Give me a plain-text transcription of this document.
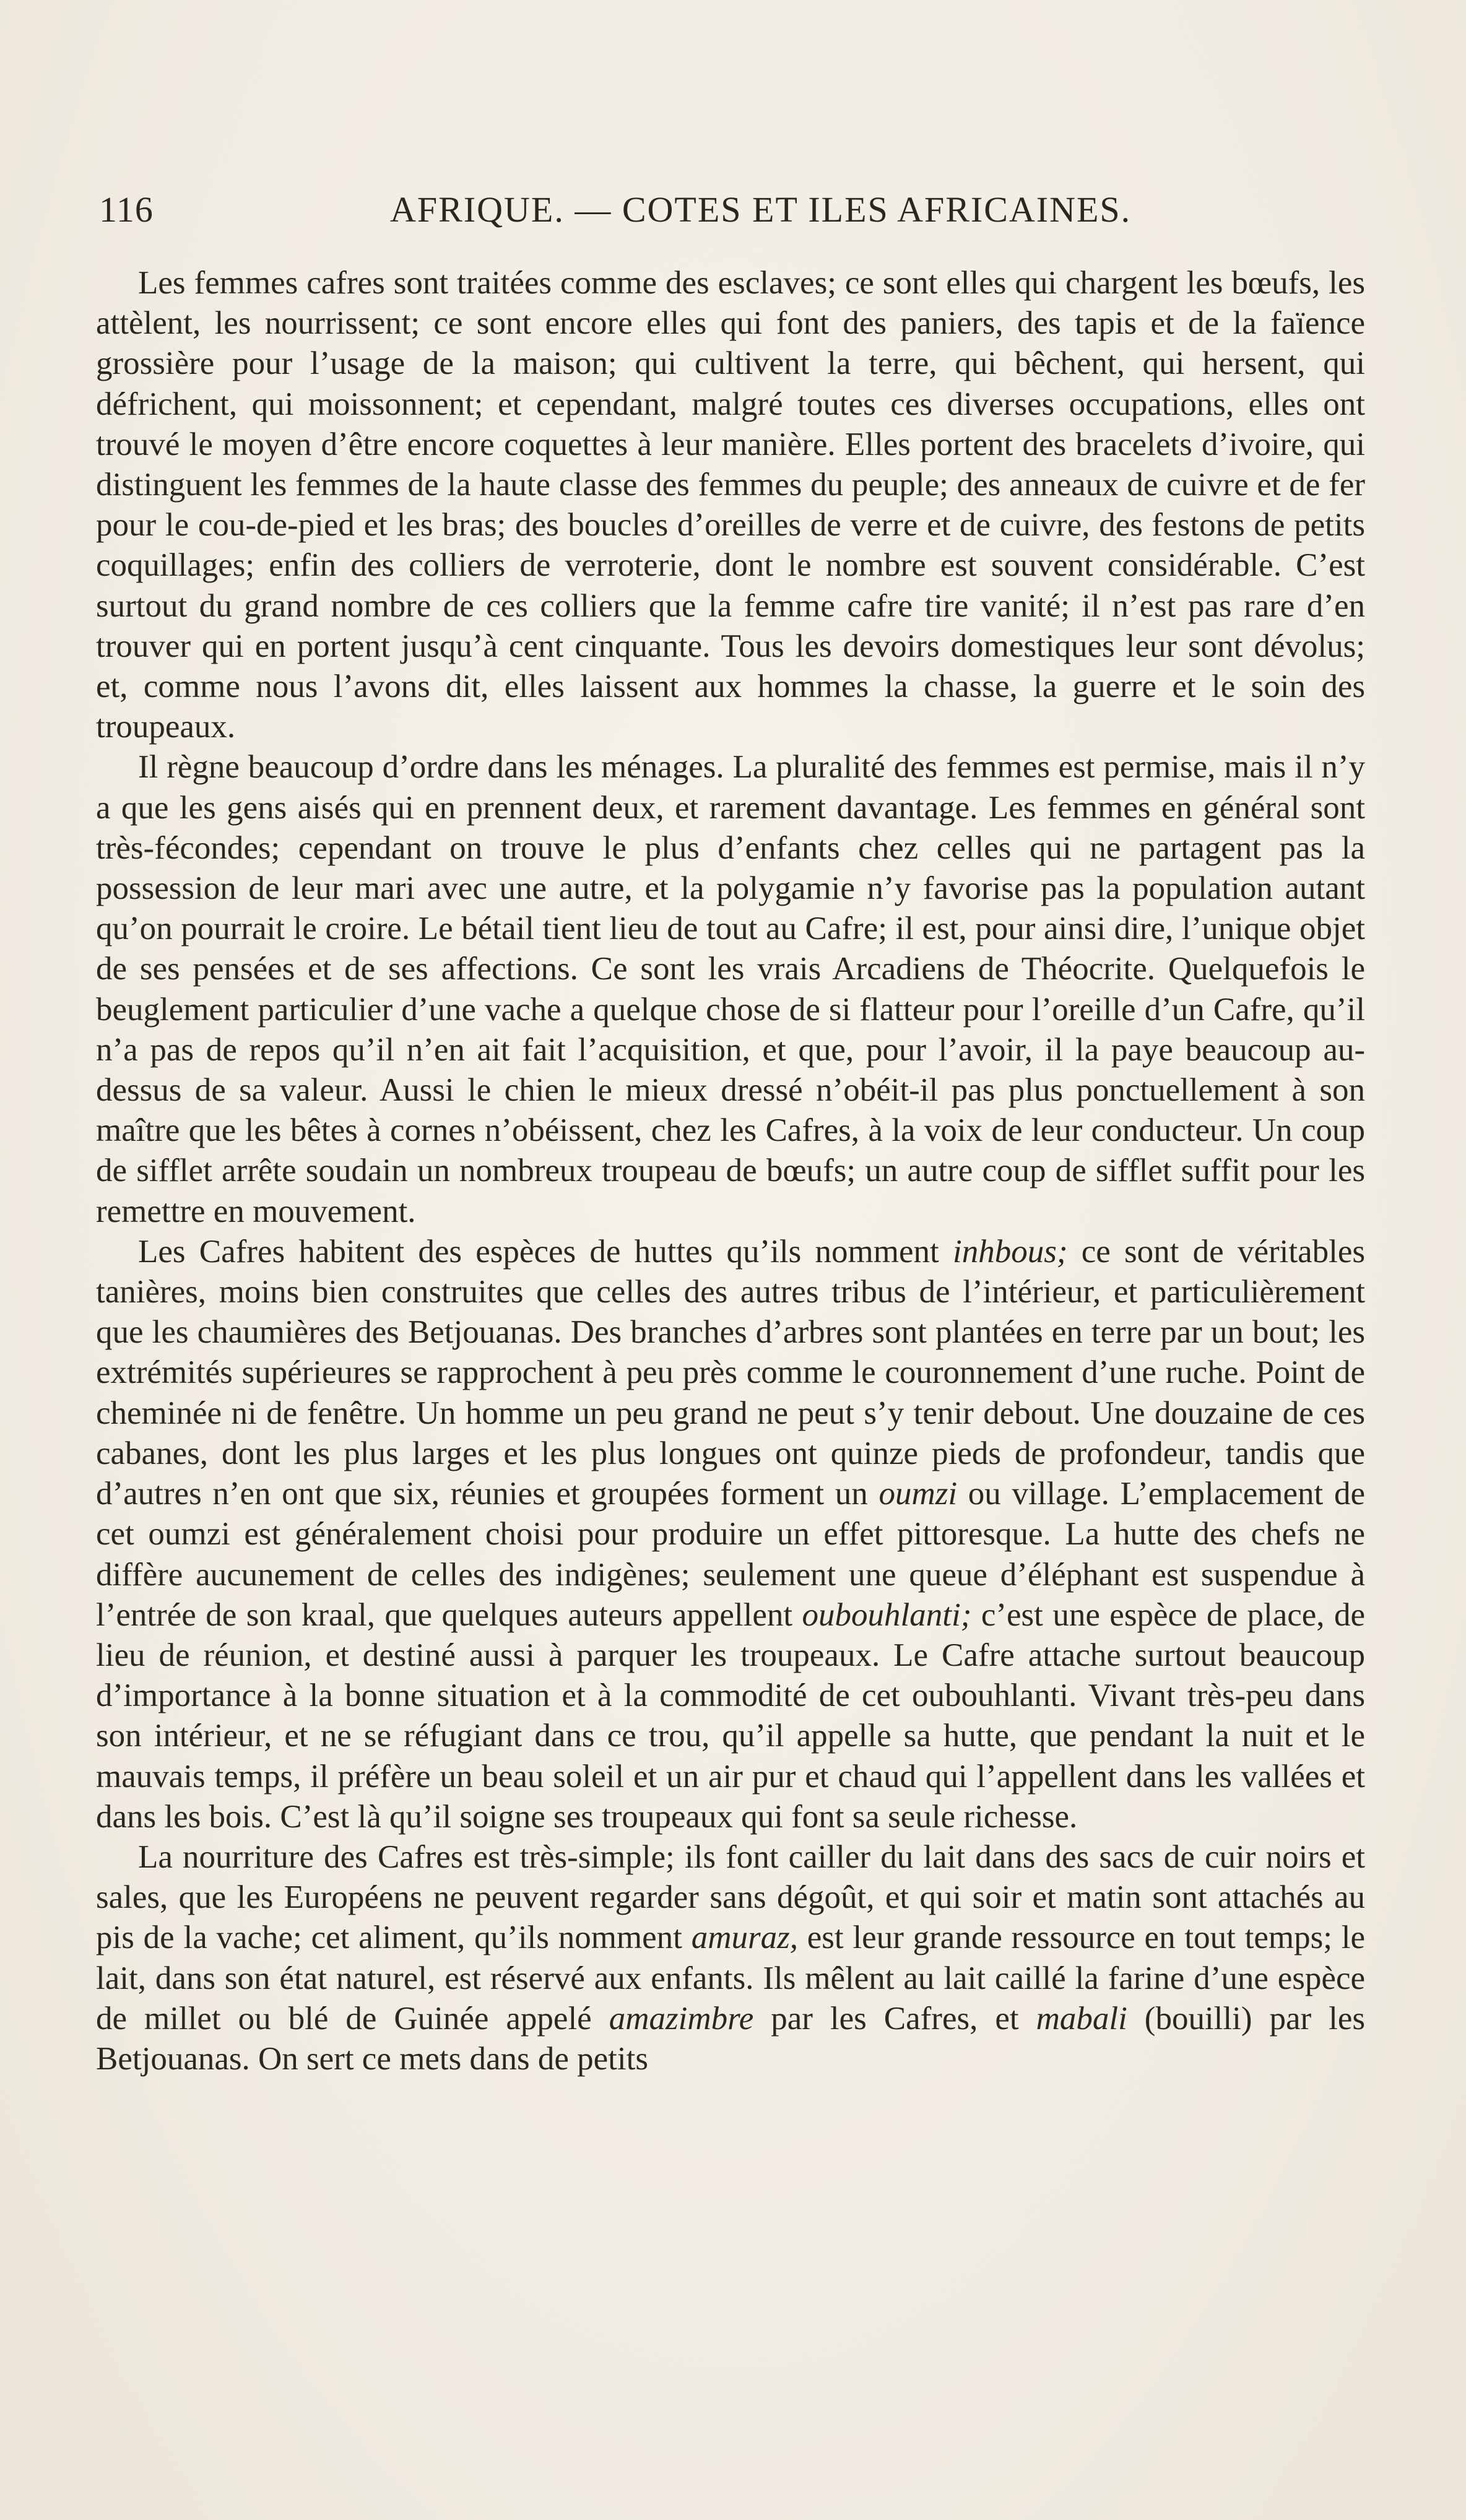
116	AFRIQUE. — COTES ET ILES AFRICAINES.

Les femmes cafres sont traitées comme des esclaves; ce sont elles qui chargent les bœufs, les attèlent, les nourrissent; ce sont encore elles qui font des paniers, des tapis et de la faïence grossière pour l’usage de la maison; qui cultivent la terre, qui bêchent, qui hersent, qui défrichent, qui moissonnent; et cependant, malgré toutes ces diverses occupations, elles ont trouvé le moyen d’être encore coquettes à leur manière. Elles portent des bracelets d’ivoire, qui distinguent les femmes de la haute classe des femmes du peuple; des anneaux de cuivre et de fer pour le cou-de-pied et les bras; des boucles d’oreilles de verre et de cuivre, des festons de petits coquillages; enfin des colliers de verroterie, dont le nombre est souvent considérable. C’est surtout du grand nombre de ces colliers que la femme cafre tire vanité; il n’est pas rare d’en trouver qui en portent jusqu’à cent cinquante. Tous les devoirs domestiques leur sont dévolus; et, comme nous l’avons dit, elles laissent aux hommes la chasse, la guerre et le soin des troupeaux.

Il règne beaucoup d’ordre dans les ménages. La pluralité des femmes est permise, mais il n’y a que les gens aisés qui en prennent deux, et rarement davantage. Les femmes en général sont très-fécondes; cependant on trouve le plus d’enfants chez celles qui ne partagent pas la possession de leur mari avec une autre, et la polygamie n’y favorise pas la population autant qu’on pourrait le croire. Le bétail tient lieu de tout au Cafre; il est, pour ainsi dire, l’unique objet de ses pensées et de ses affections. Ce sont les vrais Arcadiens de Théocrite. Quelquefois le beuglement particulier d’une vache a quelque chose de si flatteur pour l’oreille d’un Cafre, qu’il n’a pas de repos qu’il n’en ait fait l’acquisition, et que, pour l’avoir, il la paye beaucoup au-dessus de sa valeur. Aussi le chien le mieux dressé n’obéit-il pas plus ponctuellement à son maître que les bêtes à cornes n’obéissent, chez les Cafres, à la voix de leur conducteur. Un coup de sifflet arrête soudain un nombreux troupeau de bœufs; un autre coup de sifflet suffit pour les remettre en mouvement.

Les Cafres habitent des espèces de huttes qu’ils nomment inhbous; ce sont de véritables tanières, moins bien construites que celles des autres tribus de l’intérieur, et particulièrement que les chaumières des Betjouanas. Des branches d’arbres sont plantées en terre par un bout; les extrémités supérieures se rapprochent à peu près comme le couronnement d’une ruche. Point de cheminée ni de fenêtre. Un homme un peu grand ne peut s’y tenir debout. Une douzaine de ces cabanes, dont les plus larges et les plus longues ont quinze pieds de profondeur, tandis que d’autres n’en ont que six, réunies et groupées forment un oumzi ou village. L’emplacement de cet oumzi est généralement choisi pour produire un effet pittoresque. La hutte des chefs ne diffère aucunement de celles des indigènes; seulement une queue d’éléphant est suspendue à l’entrée de son kraal, que quelques auteurs appellent oubouhlanti; c’est une espèce de place, de lieu de réunion, et destiné aussi à parquer les troupeaux. Le Cafre attache surtout beaucoup d’importance à la bonne situation et à la commodité de cet oubouhlanti. Vivant très-peu dans son intérieur, et ne se réfugiant dans ce trou, qu’il appelle sa hutte, que pendant la nuit et le mauvais temps, il préfère un beau soleil et un air pur et chaud qui l’appellent dans les vallées et dans les bois. C’est là qu’il soigne ses troupeaux qui font sa seule richesse.

La nourriture des Cafres est très-simple; ils font cailler du lait dans des sacs de cuir noirs et sales, que les Européens ne peuvent regarder sans dégoût, et qui soir et matin sont attachés au pis de la vache; cet aliment, qu’ils nomment amuraz, est leur grande ressource en tout temps; le lait, dans son état naturel, est réservé aux enfants. Ils mêlent au lait caillé la farine d’une espèce de millet ou blé de Guinée appelé amazimbre par les Cafres, et mabali (bouilli) par les Betjouanas. On sert ce mets dans de petits
